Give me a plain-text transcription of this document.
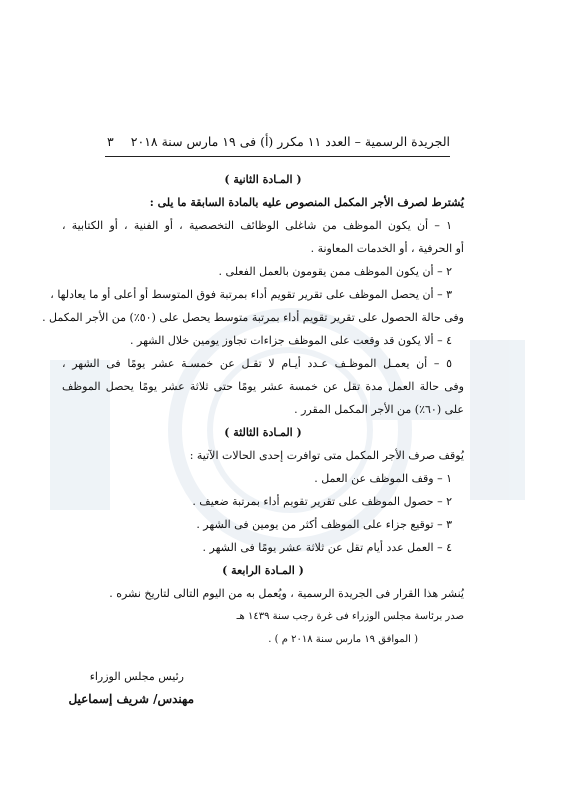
الجريدة الرسمية – العدد ١١ مكرر (أ) فى ١٩ مارس سنة ٢٠١٨
٣
( المـادة الثانية )
يُشترط لصرف الأجر المكمل المنصوص عليه بالمادة السابقة ما يلى :
١ – أن يكون الموظف من شاغلى الوظائف التخصصية ، أو الفنية ، أو الكتابية ،
أو الحرفية ، أو الخدمات المعاونة .
٢ – أن يكون الموظف ممن يقومون بالعمل الفعلى .
٣ – أن يحصل الموظف على تقرير تقويم أداء بمرتبة فوق المتوسط أو أعلى أو ما يعادلها ،
وفى حالة الحصول على تقرير تقويم أداء بمرتبة متوسط يحصل على (٥٠٪) من الأجر المكمل .
٤ – ألا يكون قد وقعت على الموظف جزاءات تجاوز يومين خلال الشهر .
٥ – أن يعمـل الموظـف عـدد أيـام لا تقـل عن خمسـة عشر يومًا فى الشهر ،
وفى حالة العمل مدة تقل عن خمسة عشر يومًا حتى ثلاثة عشر يومًا يحصل الموظف
على (٦٠٪) من الأجر المكمل المقرر .
( المـادة الثالثة )
يُوقف صرف الأجر المكمل متى توافرت إحدى الحالات الآتية :
١ – وقف الموظف عن العمل .
٢ – حصول الموظف على تقرير تقويم أداء بمرتبة ضعيف .
٣ – توقيع جزاء على الموظف أكثر من يومين فى الشهر .
٤ – العمل عدد أيام تقل عن ثلاثة عشر يومًا فى الشهر .
( المـادة الرابعة )
يُنشر هذا القرار فى الجريدة الرسمية ، ويُعمل به من اليوم التالى لتاريخ نشره .
صدر برئاسة مجلس الوزراء فى غرة رجب سنة ١٤٣٩ هـ
( الموافق ١٩ مارس سنة ٢٠١٨ م ) .
رئيس مجلس الوزراء
مهندس/ شريف إسماعيل
